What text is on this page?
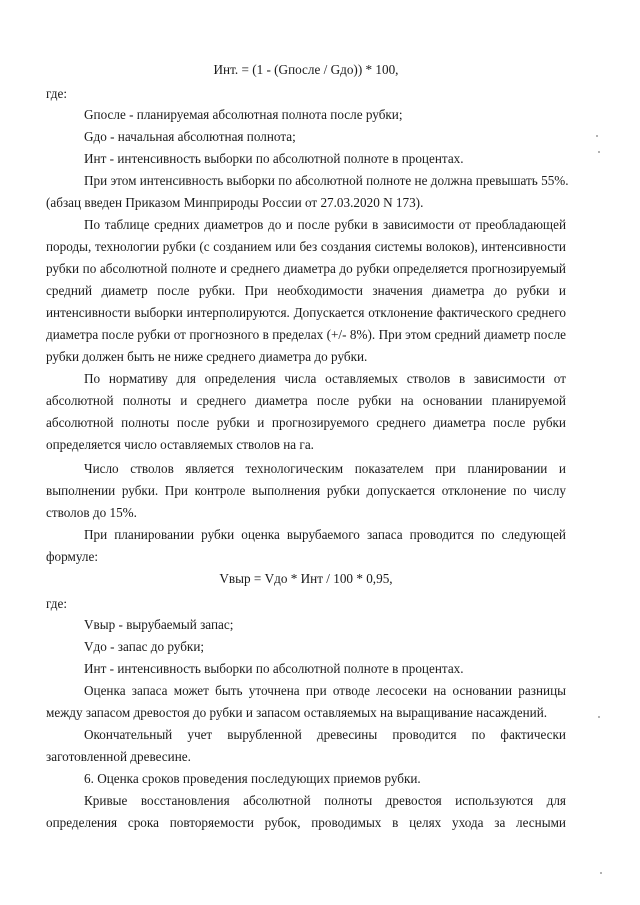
Инт. = (1 - (Gпосле / Gдо)) * 100,
где:
Gпосле - планируемая абсолютная полнота после рубки;
Gдо - начальная абсолютная полнота;
Инт - интенсивность выборки по абсолютной полноте в процентах.
При этом интенсивность выборки по абсолютной полноте не должна превышать 55%.
(абзац введен Приказом Минприроды России от 27.03.2020 N 173).
По таблице средних диаметров до и после рубки в зависимости от преобладающей
породы, технологии рубки (с созданием или без создания системы волоков), интенсивности
рубки по абсолютной полноте и среднего диаметра до рубки определяется прогнозируемый
средний диаметр после рубки. При необходимости значения диаметра до рубки и
интенсивности выборки интерполируются. Допускается отклонение фактического среднего
диаметра после рубки от прогнозного в пределах (+/- 8%). При этом средний диаметр после
рубки должен быть не ниже среднего диаметра до рубки.
По нормативу для определения числа оставляемых стволов в зависимости от
абсолютной полноты и среднего диаметра после рубки на основании планируемой
абсолютной полноты после рубки и прогнозируемого среднего диаметра после рубки
определяется число оставляемых стволов на га.
Число стволов является технологическим показателем при планировании и
выполнении рубки. При контроле выполнения рубки допускается отклонение по числу
стволов до 15%.
При планировании рубки оценка вырубаемого запаса проводится по следующей
формуле:
Vвыр = Vдо * Инт / 100 * 0,95,
где:
Vвыр - вырубаемый запас;
Vдо - запас до рубки;
Инт - интенсивность выборки по абсолютной полноте в процентах.
Оценка запаса может быть уточнена при отводе лесосеки на основании разницы
между запасом древостоя до рубки и запасом оставляемых на выращивание насаждений.
Окончательный учет вырубленной древесины проводится по фактически
заготовленной древесине.
6. Оценка сроков проведения последующих приемов рубки.
Кривые восстановления абсолютной полноты древостоя используются для
определения срока повторяемости рубок, проводимых в целях ухода за лесными
